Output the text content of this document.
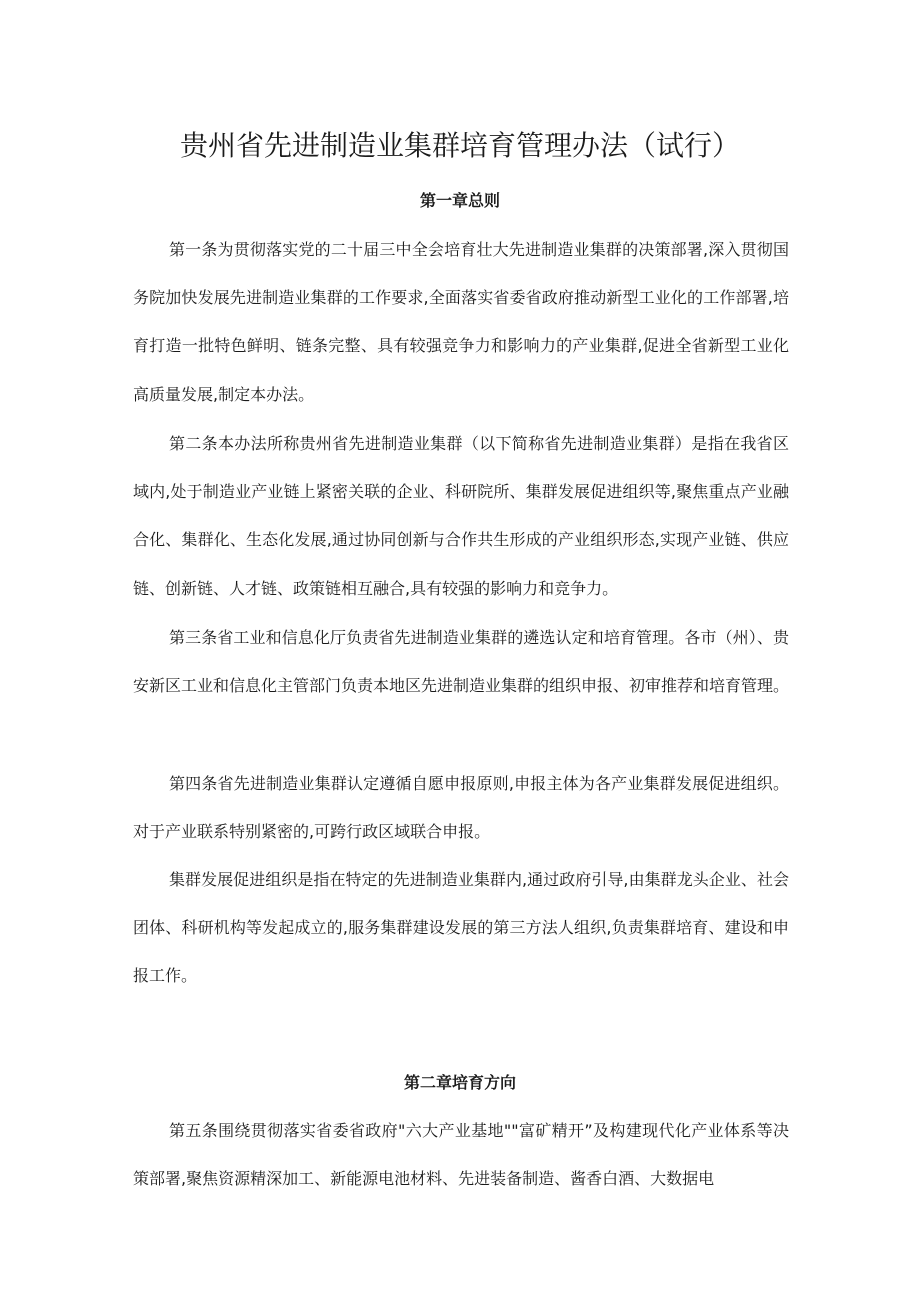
贵州省先进制造业集群培育管理办法（试行）
第一章总则

第一条为贯彻落实党的二十届三中全会培育壮大先进制造业集群的决策部署,深入贯彻国务院加快发展先进制造业集群的工作要求,全面落实省委省政府推动新型工业化的工作部署,培育打造一批特色鲜明、链条完整、具有较强竞争力和影响力的产业集群,促进全省新型工业化高质量发展,制定本办法。

第二条本办法所称贵州省先进制造业集群（以下简称省先进制造业集群）是指在我省区域内,处于制造业产业链上紧密关联的企业、科研院所、集群发展促进组织等,聚焦重点产业融合化、集群化、生态化发展,通过协同创新与合作共生形成的产业组织形态,实现产业链、供应链、创新链、人才链、政策链相互融合,具有较强的影响力和竞争力。

第三条省工业和信息化厅负责省先进制造业集群的遴选认定和培育管理。各市（州）、贵安新区工业和信息化主管部门负责本地区先进制造业集群的组织申报、初审推荐和培育管理。

第四条省先进制造业集群认定遵循自愿申报原则,申报主体为各产业集群发展促进组织。对于产业联系特别紧密的,可跨行政区域联合申报。

集群发展促进组织是指在特定的先进制造业集群内,通过政府引导,由集群龙头企业、社会团体、科研机构等发起成立的,服务集群建设发展的第三方法人组织,负责集群培育、建设和申报工作。

第二章培育方向

第五条围绕贯彻落实省委省政府"六大产业基地""富矿精开”及构建现代化产业体系等决策部署,聚焦资源精深加工、新能源电池材料、先进装备制造、酱香白酒、大数据电
